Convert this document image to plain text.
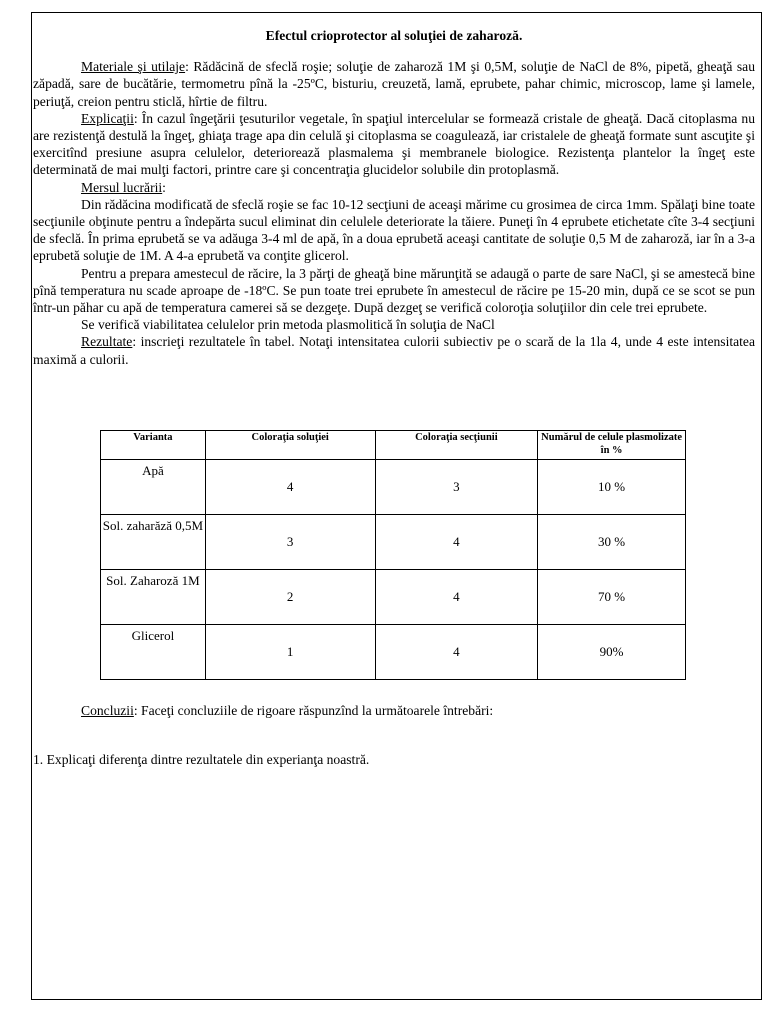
Efectul crioprotector al soluţiei de zaharoză.

Materiale şi utilaje: Rădăcină de sfeclă roşie; soluţie de zaharoză 1M şi 0,5M, soluţie de NaCl de 8%, pipetă, gheaţă sau zăpadă, sare de bucătărie, termometru pînă la -25ºC, bisturiu, creuzetă, lamă, eprubete, pahar chimic, microscop, lame şi lamele, periuţă, creion pentru sticlă, hîrtie de filtru.

Explicaţii: În cazul îngeţării ţesuturilor vegetale, în spaţiul intercelular se formează cristale de gheaţă. Dacă citoplasma nu are rezistenţă destulă la îngeţ, ghiaţa trage apa din celulă şi citoplasma se coagulează, iar cristalele de gheaţă formate sunt ascuţite şi exercitînd presiune asupra celulelor, deteriorează plasmalema şi membranele biologice. Rezistenţa plantelor la îngeţ este determinată de mai mulţi factori, printre care şi concentraţia glucidelor solubile din protoplasmă.

Mersul lucrării:

Din rădăcina modificată de sfeclă roşie se fac 10-12 secţiuni de aceaşi mărime cu grosimea de circa 1mm. Spălaţi bine toate secţiunile obţinute pentru a îndepărta sucul eliminat din celulele deteriorate la tăiere. Puneţi în 4 eprubete etichetate cîte 3-4 secţiuni de sfeclă. În prima eprubetă se va adăuga 3-4 ml de apă, în a doua eprubetă aceaşi cantitate de soluţie 0,5 M de zaharoză, iar în a 3-a eprubetă soluţie de 1M. A 4-a eprubetă va conţite glicerol.

Pentru a prepara amestecul de răcire, la 3 părţi de gheaţă bine mărunţită se adaugă o parte de sare NaCl, şi se amestecă bine pînă temperatura nu scade aproape de -18ºC. Se pun toate trei eprubete în amestecul de răcire pe 15-20 min, după ce se scot se pun într-un păhar cu apă de temperatura camerei să se dezgeţe. După dezgeţ se verifică coloroţia soluţiilor din cele trei eprubete.

Se verifică viabilitatea celulelor prin metoda plasmolitică în soluţia de NaCl

Rezultate: inscrieţi rezultatele în tabel. Notaţi intensitatea culorii subiectiv pe o scară de la 1la 4, unde 4 este intensitatea maximă a culorii.

Varianta	Coloraţia soluţiei	Coloraţia secţiunii	Numărul de celule plasmolizate în %
Apă	4	3	10 %
Sol. zaharăză 0,5M	3	4	30 %
Sol. Zaharoză 1M	2	4	70 %
Glicerol	1	4	90%

Concluzii: Faceţi concluziile de rigoare răspunzînd la următoarele întrebări:

1. Explicaţi diferenţa dintre rezultatele din experianţa noastră.
